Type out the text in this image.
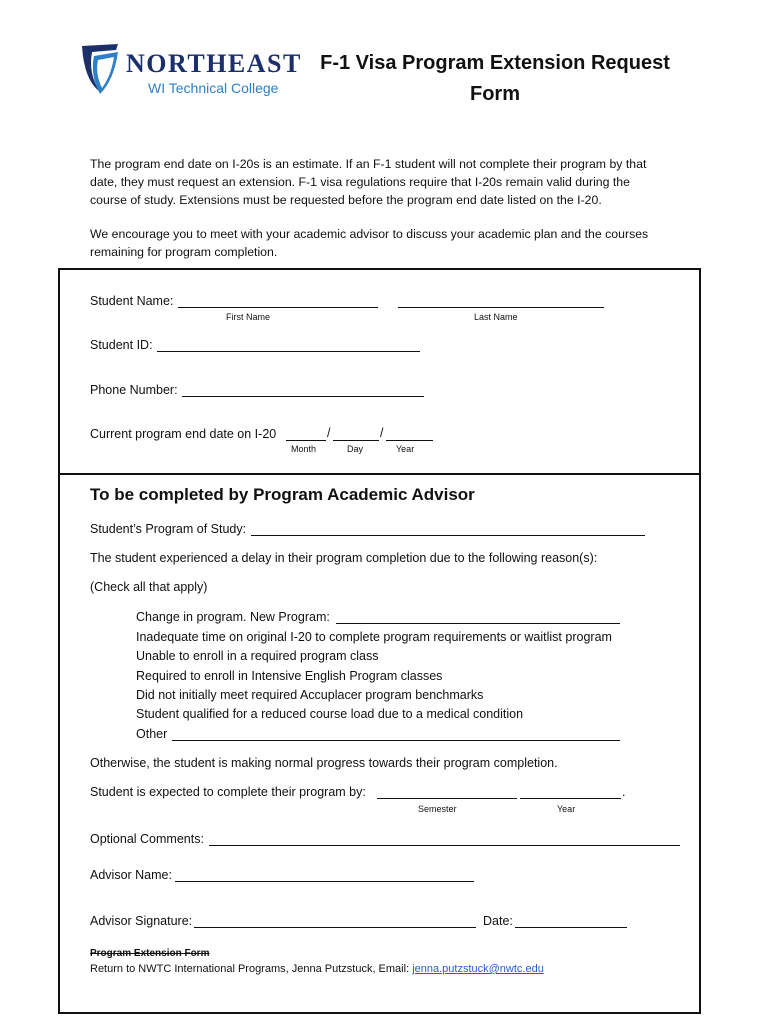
NORTHEAST
WI Technical College
F-1 Visa Program Extension Request
Form
The program end date on I-20s is an estimate. If an F-1 student will not complete their program by that
date, they must request an extension. F-1 visa regulations require that I-20s remain valid during the
course of study. Extensions must be requested before the program end date listed on the I-20.
We encourage you to meet with your academic advisor to discuss your academic plan and the courses
remaining for program completion.
Student Name:
First Name	Last Name
Student ID:
Phone Number:
Current program end date on I-20	/	/
Month	Day	Year
To be completed by Program Academic Advisor
Student’s Program of Study:
The student experienced a delay in their program completion due to the following reason(s):
(Check all that apply)
Change in program. New Program:
Inadequate time on original I-20 to complete program requirements or waitlist program
Unable to enroll in a required program class
Required to enroll in Intensive English Program classes
Did not initially meet required Accuplacer program benchmarks
Student qualified for a reduced course load due to a medical condition
Other
Otherwise, the student is making normal progress towards their program completion.
Student is expected to complete their program by:	.
Semester	Year
Optional Comments:
Advisor Name:
Advisor Signature:	Date:
Program Extension Form
Return to NWTC International Programs, Jenna Putzstuck, Email: jenna.putzstuck@nwtc.edu
